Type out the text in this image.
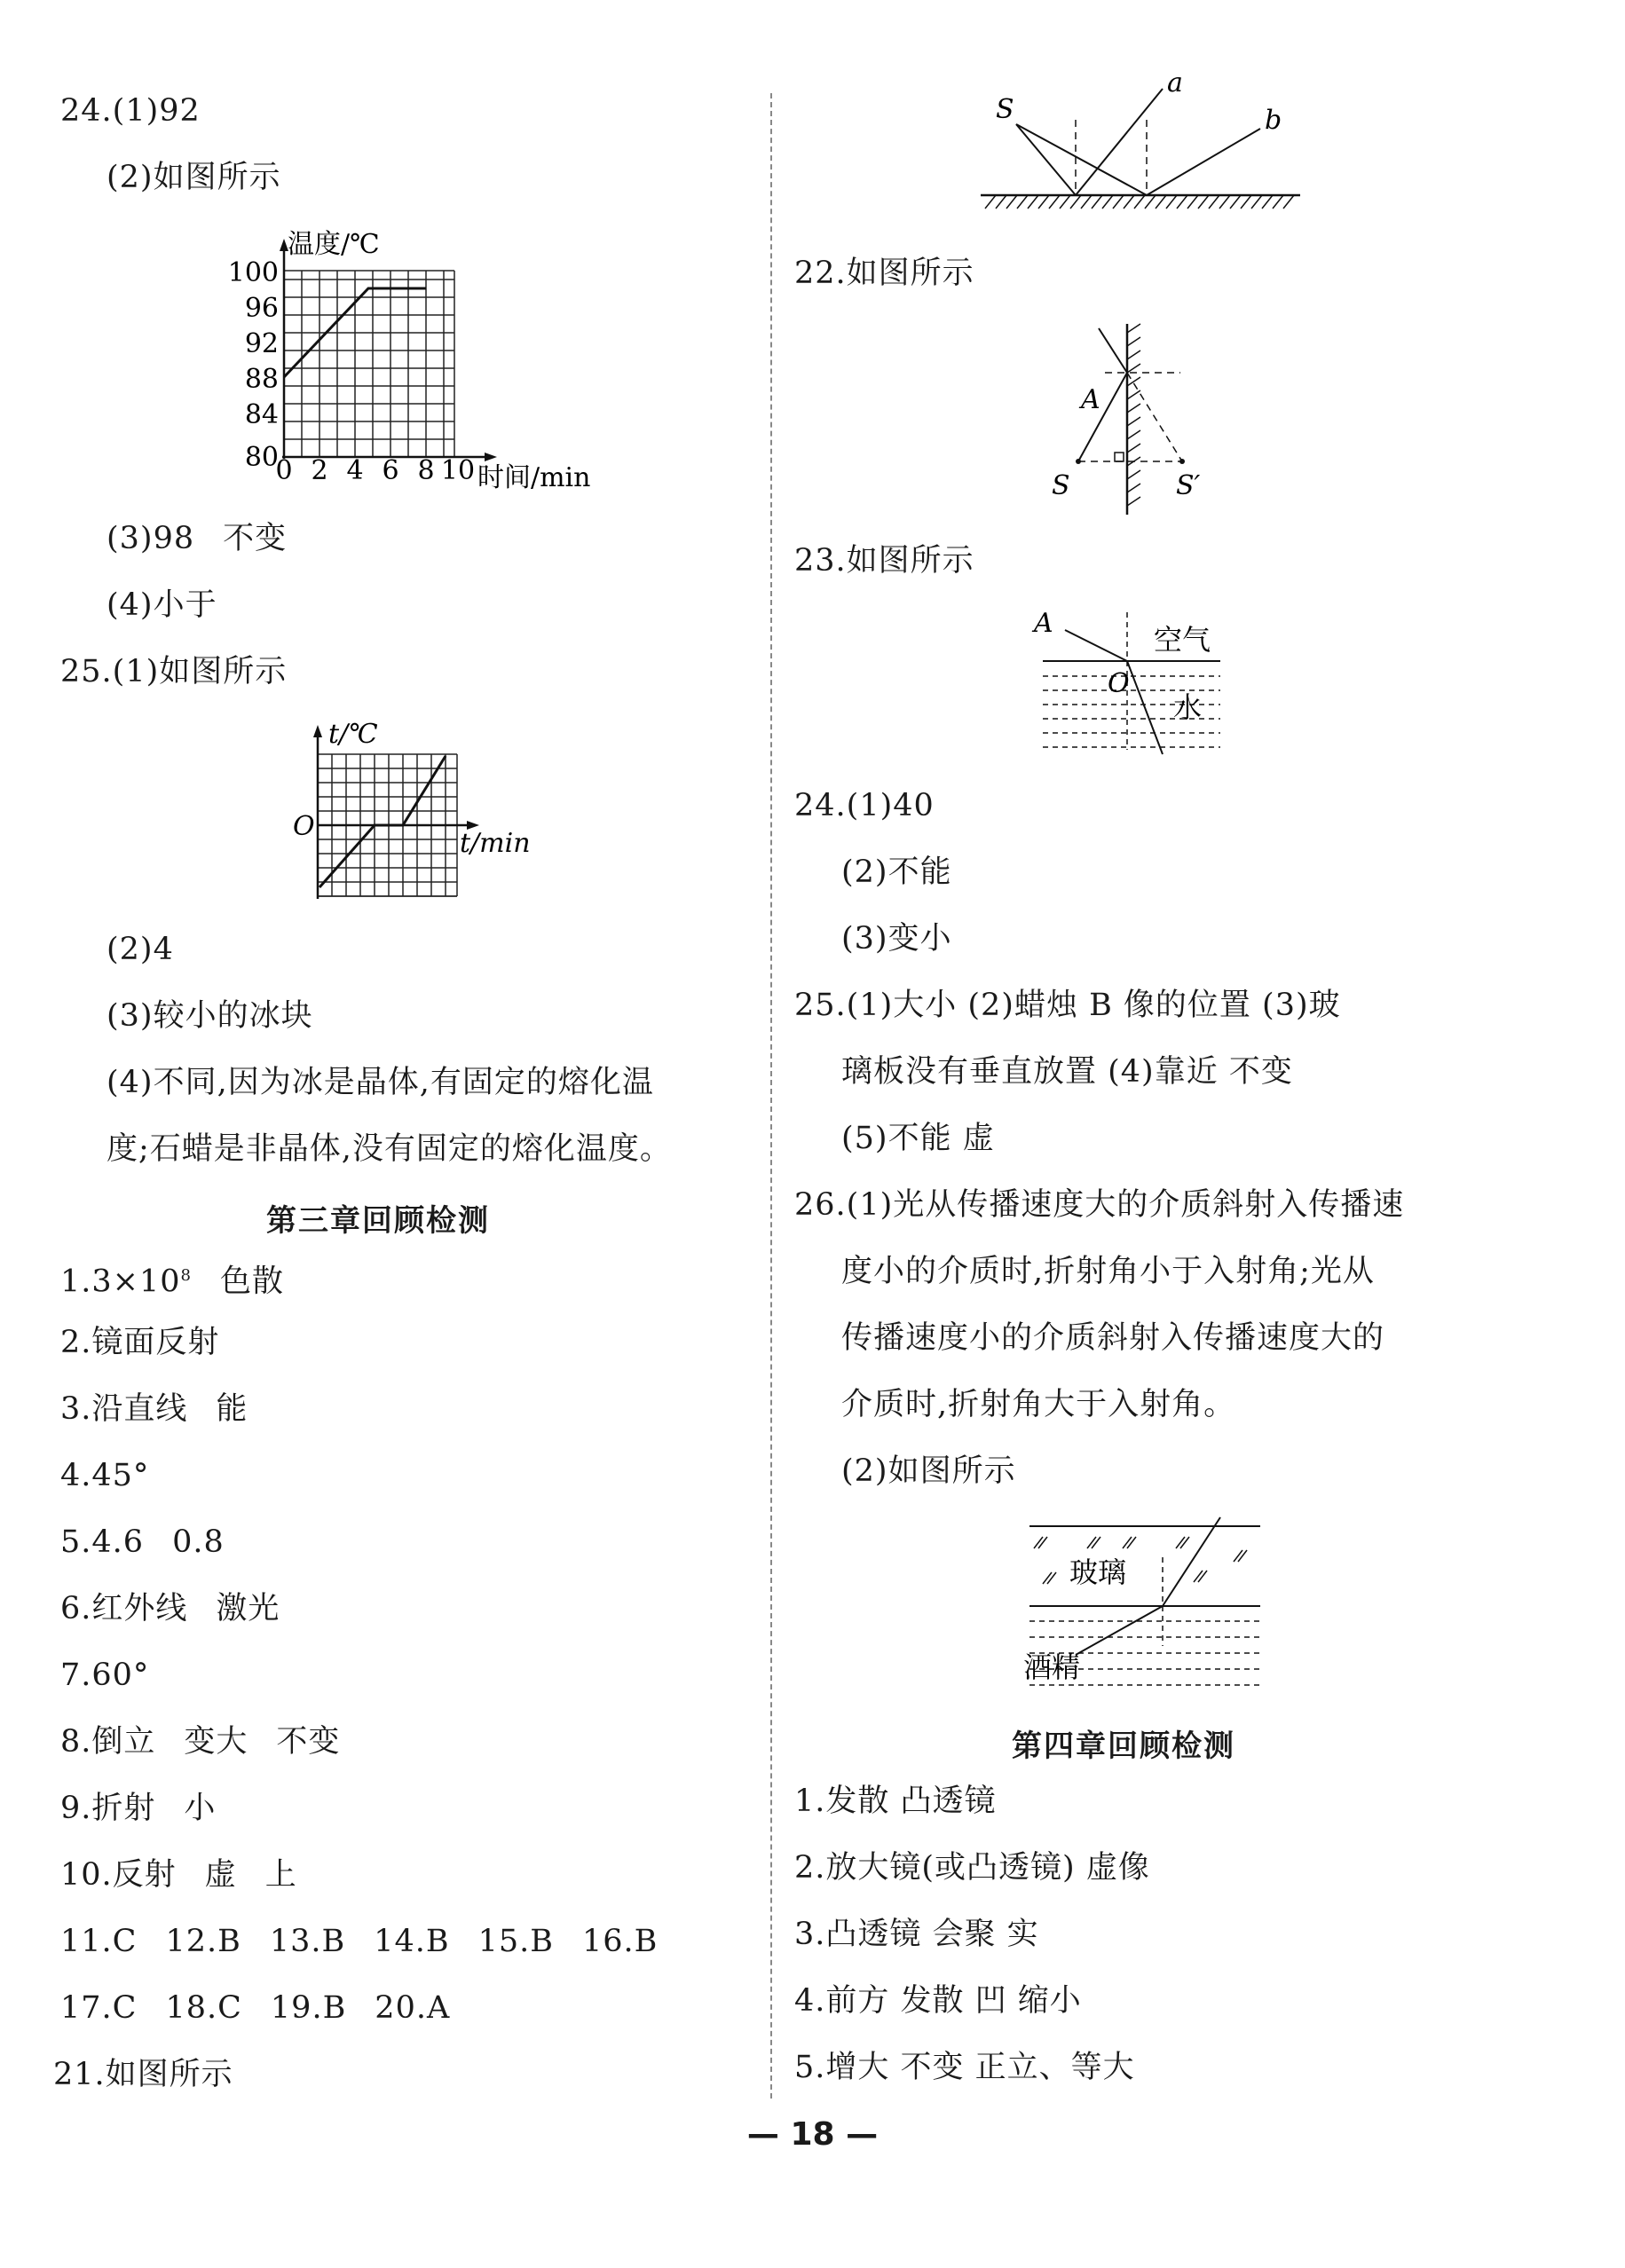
24.(1)92
(2)如图所示
温度/℃
时间/min
100
96
92
88
84
80
0 2 4 6 8 10
(3)98 不变
(4)小于
25.(1)如图所示
t/℃
O
t/min
(2)4
(3)较小的冰块
(4)不同,因为冰是晶体,有固定的熔化温
度;石蜡是非晶体,没有固定的熔化温度。
第三章回顾检测
$1.3\times 10^8$ 色散
2.镜面反射
3.沿直线 能
4.45°
5.4.6 0.8
6.红外线 激光
7.60°
8.倒立 变大 不变
9.折射 小
10.反射 虚 上
11.C 12.B 13.B 14.B 15.B 16.B
17.C 18.C 19.B 20.A
21.如图所示
S
a
b
22.如图所示
A
S	S′
23.如图所示
A
O
空气
水
24.(1)40
(2)不能
(3)变小
25.(1)大小 (2)蜡烛 B 像的位置 (3)玻
璃板没有垂直放置 (4)靠近 不变
(5)不能 虚
26.(1)光从传播速度大的介质斜射入传播速
度小的介质时,折射角小于入射角;光从
传播速度小的介质斜射入传播速度大的
介质时,折射角大于入射角。
(2)如图所示
玻璃
酒精
第四章回顾检测
1.发散 凸透镜
2.放大镜(或凸透镜) 虚像
3.凸透镜 会聚 实
4.前方 发散 凹 缩小
5.增大 不变 正立、等大
— 18 —
